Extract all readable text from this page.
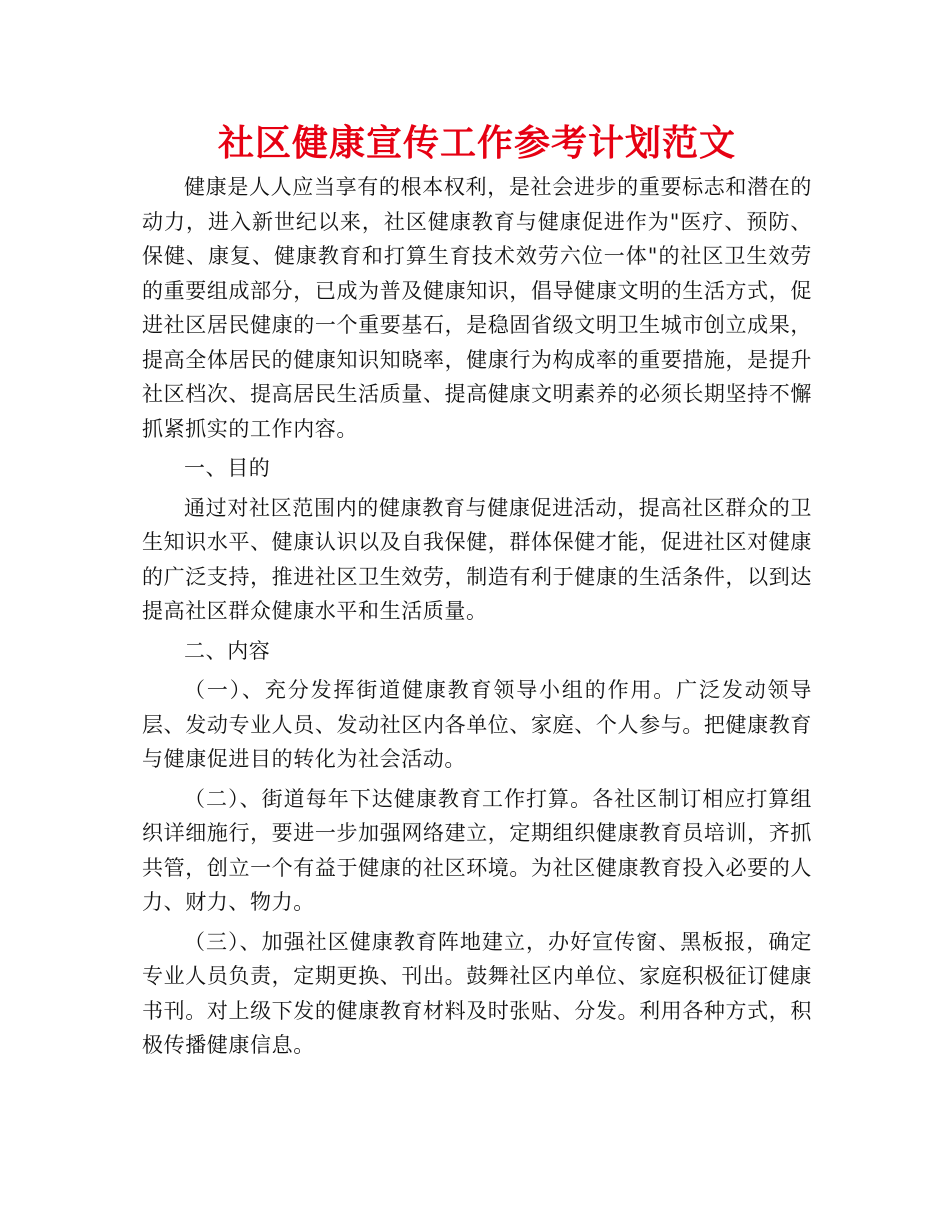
社区健康宣传工作参考计划范文

健康是人人应当享有的根本权利，是社会进步的重要标志和潜在的动力，进入新世纪以来，社区健康教育与健康促进作为"医疗、预防、保健、康复、健康教育和打算生育技术效劳六位一体"的社区卫生效劳的重要组成部分，已成为普及健康知识，倡导健康文明的生活方式，促进社区居民健康的一个重要基石，是稳固省级文明卫生城市创立成果，提高全体居民的健康知识知晓率，健康行为构成率的重要措施，是提升社区档次、提高居民生活质量、提高健康文明素养的必须长期坚持不懈抓紧抓实的工作内容。

一、目的

通过对社区范围内的健康教育与健康促进活动，提高社区群众的卫生知识水平、健康认识以及自我保健，群体保健才能，促进社区对健康的广泛支持，推进社区卫生效劳，制造有利于健康的生活条件，以到达提高社区群众健康水平和生活质量。

二、内容

（一）、充分发挥街道健康教育领导小组的作用。广泛发动领导层、发动专业人员、发动社区内各单位、家庭、个人参与。把健康教育与健康促进目的转化为社会活动。

（二）、街道每年下达健康教育工作打算。各社区制订相应打算组织详细施行，要进一步加强网络建立，定期组织健康教育员培训，齐抓共管，创立一个有益于健康的社区环境。为社区健康教育投入必要的人力、财力、物力。

（三）、加强社区健康教育阵地建立，办好宣传窗、黑板报，确定专业人员负责，定期更换、刊出。鼓舞社区内单位、家庭积极征订健康书刊。对上级下发的健康教育材料及时张贴、分发。利用各种方式，积极传播健康信息。
